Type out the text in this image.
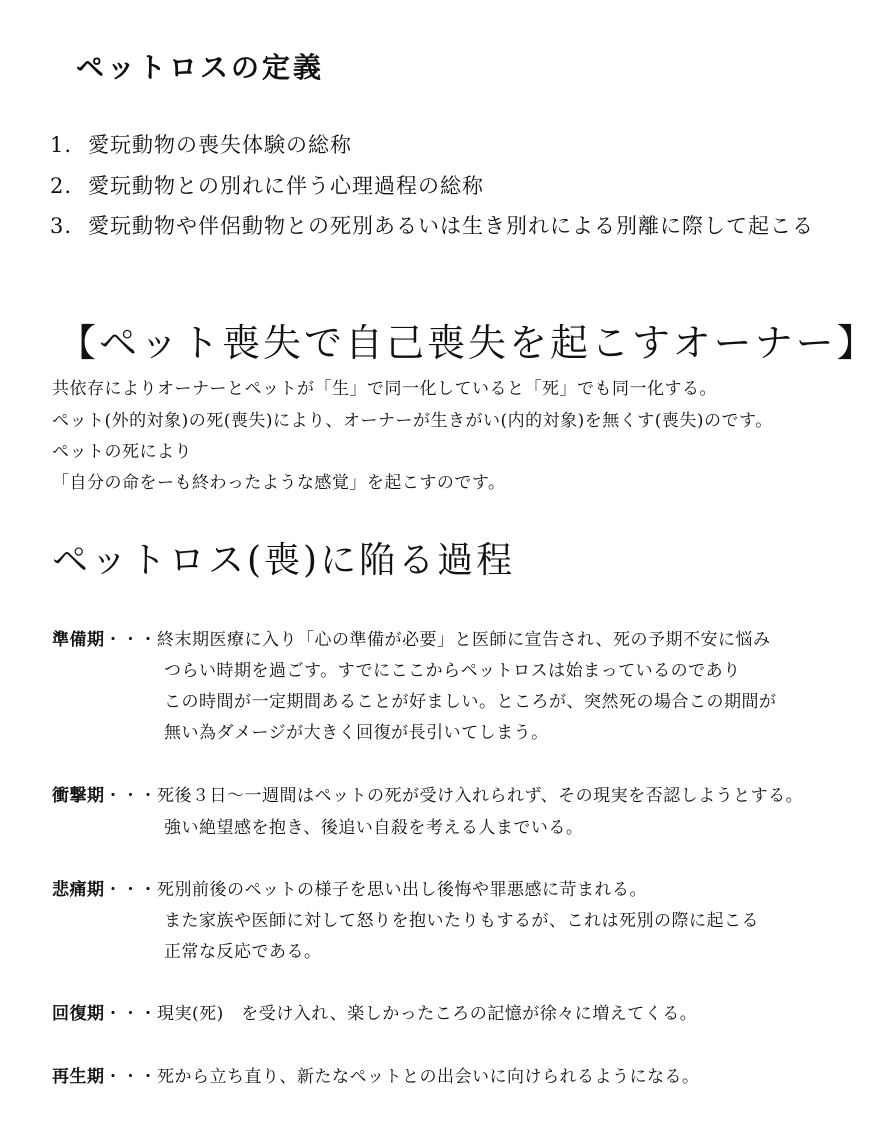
ペットロスの定義
1. 愛玩動物の喪失体験の総称
2. 愛玩動物との別れに伴う心理過程の総称
3. 愛玩動物や伴侶動物との死別あるいは生き別れによる別離に際して起こる
【ペット喪失で自己喪失を起こすオーナー】
共依存によりオーナーとペットが「生」で同一化していると「死」でも同一化する。
ペット(外的対象)の死(喪失)により、オーナーが生きがい(内的対象)を無くす(喪失)のです。
ペットの死により
「自分の命をーも終わったような感覚」を起こすのです。
ペットロス(喪)に陥る過程
準備期・・・終末期医療に入り「心の準備が必要」と医師に宣告され、死の予期不安に悩み
つらい時期を過ごす。すでにここからペットロスは始まっているのであり
この時間が一定期間あることが好ましい。ところが、突然死の場合この期間が
無い為ダメージが大きく回復が長引いてしまう。
衝撃期・・・死後３日〜一週間はペットの死が受け入れられず、その現実を否認しようとする。
強い絶望感を抱き、後追い自殺を考える人までいる。
悲痛期・・・死別前後のペットの様子を思い出し後悔や罪悪感に苛まれる。
また家族や医師に対して怒りを抱いたりもするが、これは死別の際に起こる
正常な反応である。
回復期・・・現実(死)　を受け入れ、楽しかったころの記憶が徐々に増えてくる。
再生期・・・死から立ち直り、新たなペットとの出会いに向けられるようになる。
